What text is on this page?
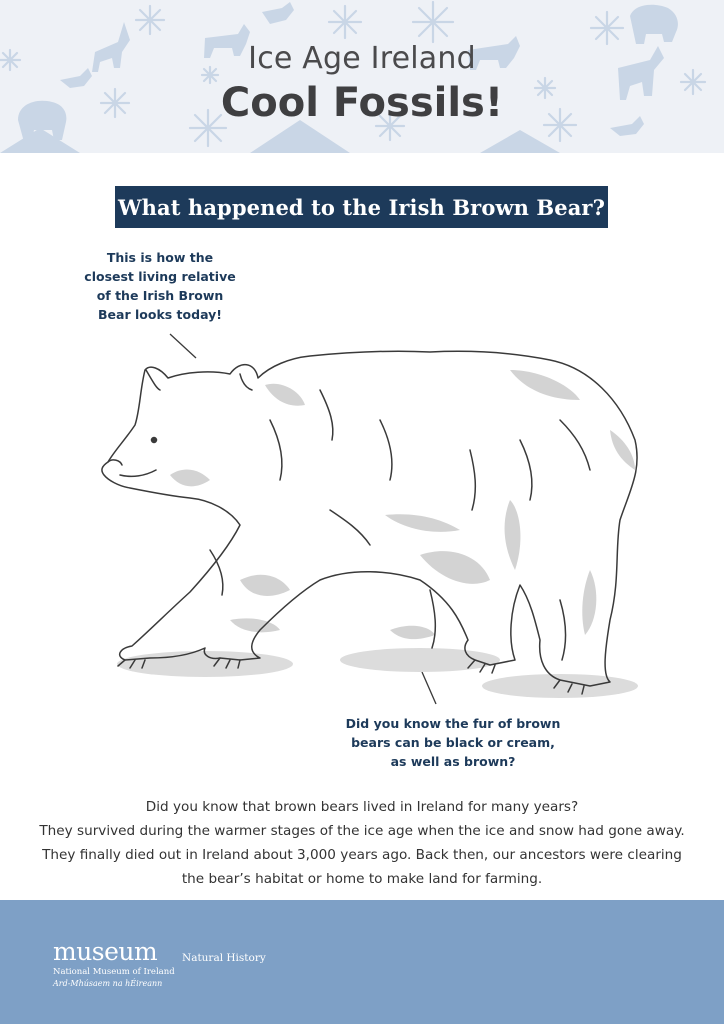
Ice Age Ireland
Cool Fossils!
What happened to the Irish Brown Bear?
This is how the
closest living relative
of the Irish Brown
Bear looks today!
Did you know the fur of brown
bears can be black or cream,
as well as brown?
Did you know that brown bears lived in Ireland for many years?
They survived during the warmer stages of the ice age when the ice and snow had gone away.
They finally died out in Ireland about 3,000 years ago. Back then, our ancestors were clearing
the bear’s habitat or home to make land for farming.
museum
National Museum of Ireland
Ard-Mhúsaem na hÉireann
Natural History
